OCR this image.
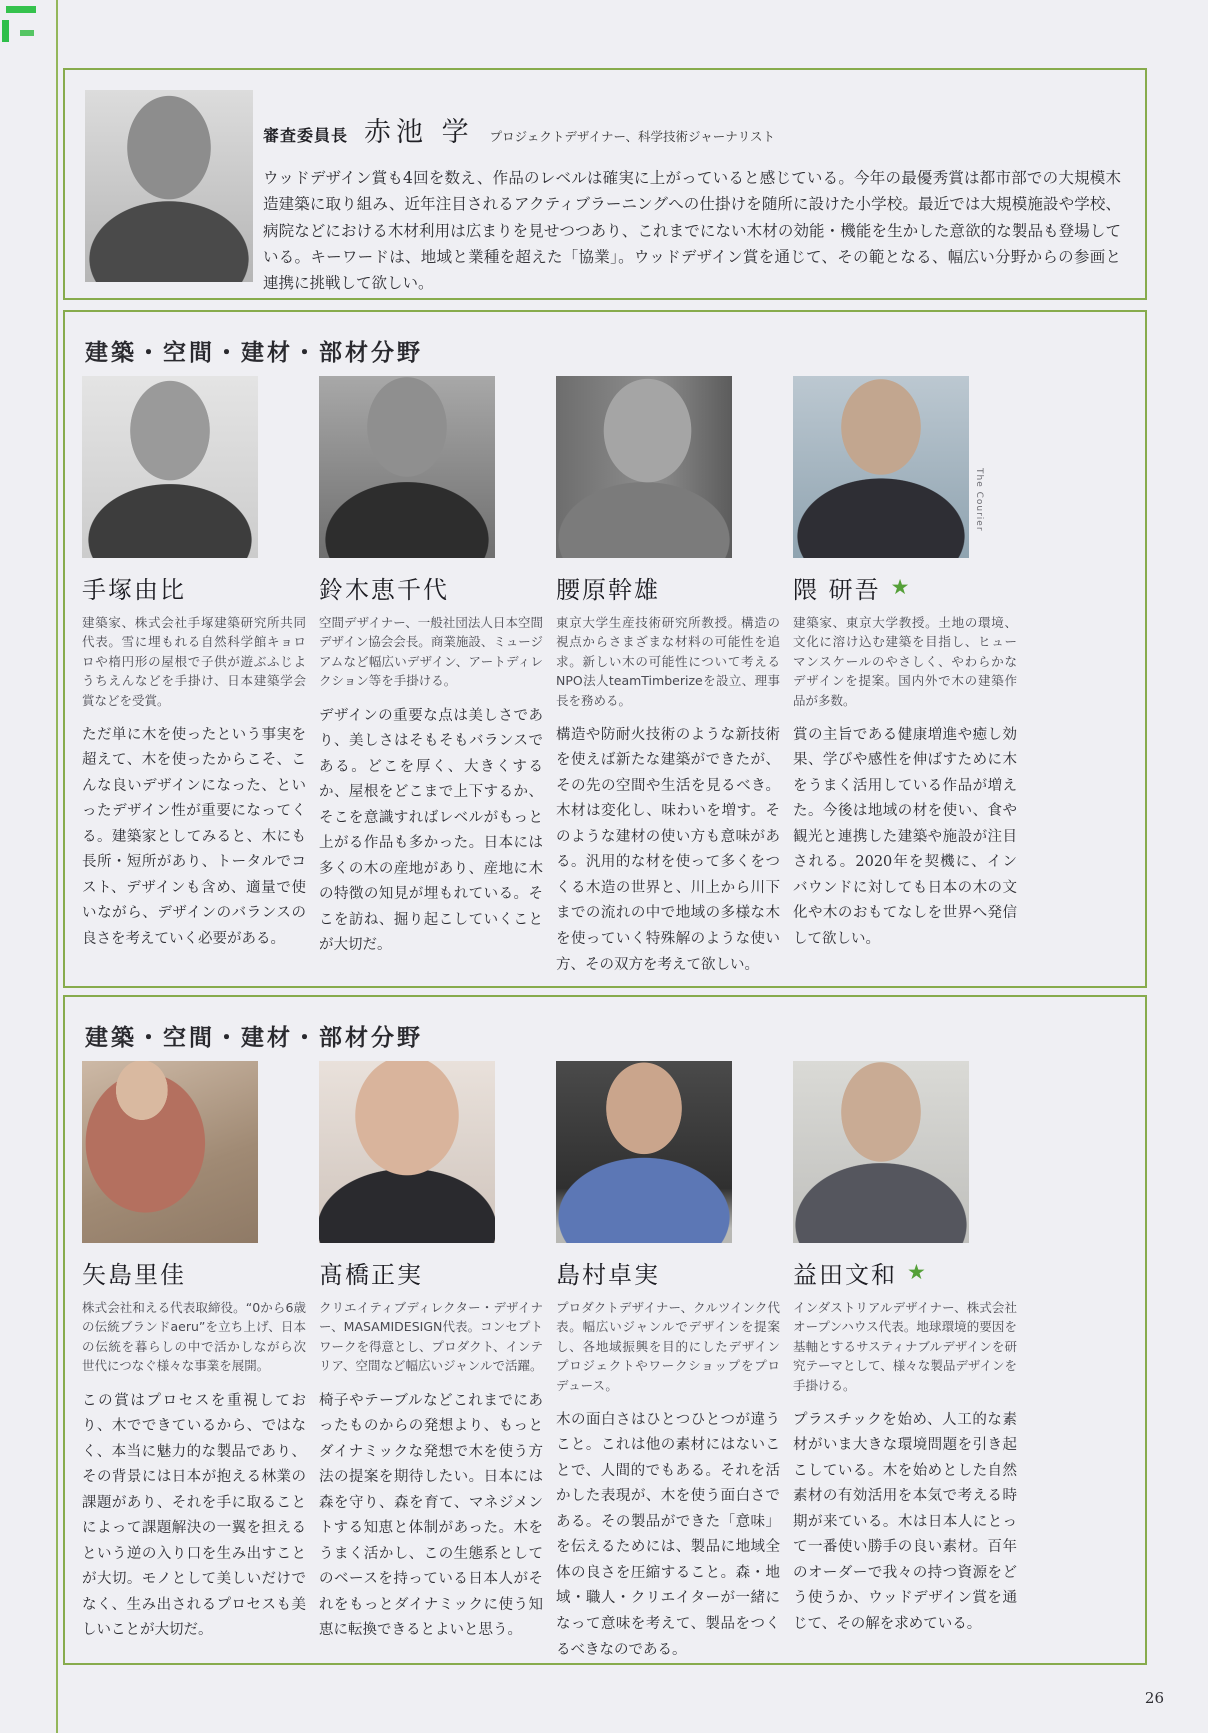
審査委員長 赤池 学 プロジェクトデザイナー、科学技術ジャーナリスト
ウッドデザイン賞も4回を数え、作品のレベルは確実に上がっていると感じている。今年の最優秀賞は都市部での大規模木造建築に取り組み、近年注目されるアクティブラーニングへの仕掛けを随所に設けた小学校。最近では大規模施設や学校、病院などにおける木材利用は広まりを見せつつあり、これまでにない木材の効能・機能を生かした意欲的な製品も登場している。キーワードは、地域と業種を超えた「協業」。ウッドデザイン賞を通じて、その範となる、幅広い分野からの参画と連携に挑戦して欲しい。
建築・空間・建材・部材分野
手塚由比
建築家、株式会社手塚建築研究所共同代表。雪に埋もれる自然科学館キョロロや楕円形の屋根で子供が遊ぶふじようちえんなどを手掛け、日本建築学会賞などを受賞。
ただ単に木を使ったという事実を超えて、木を使ったからこそ、こんな良いデザインになった、といったデザイン性が重要になってくる。建築家としてみると、木にも長所・短所があり、トータルでコスト、デザインも含め、適量で使いながら、デザインのバランスの良さを考えていく必要がある。
鈴木恵千代
空間デザイナー、一般社団法人日本空間デザイン協会会長。商業施設、ミュージアムなど幅広いデザイン、アートディレクション等を手掛ける。
デザインの重要な点は美しさであり、美しさはそもそもバランスである。どこを厚く、大きくするか、屋根をどこまで上下するか、そこを意識すればレベルがもっと上がる作品も多かった。日本には多くの木の産地があり、産地に木の特徴の知見が埋もれている。そこを訪ね、掘り起こしていくことが大切だ。
腰原幹雄
東京大学生産技術研究所教授。構造の視点からさまざまな材料の可能性を追求。新しい木の可能性について考えるNPO法人teamTimberizeを設立、理事長を務める。
構造や防耐火技術のような新技術を使えば新たな建築ができたが、その先の空間や生活を見るべき。木材は変化し、味わいを増す。そのような建材の使い方も意味がある。汎用的な材を使って多くをつくる木造の世界と、川上から川下までの流れの中で地域の多様な木を使っていく特殊解のような使い方、その双方を考えて欲しい。
The Courier
隈 研吾 ★
建築家、東京大学教授。土地の環境、文化に溶け込む建築を目指し、ヒューマンスケールのやさしく、やわらかなデザインを提案。国内外で木の建築作品が多数。
賞の主旨である健康増進や癒し効果、学びや感性を伸ばすために木をうまく活用している作品が増えた。今後は地域の材を使い、食や観光と連携した建築や施設が注目される。2020年を契機に、インバウンドに対しても日本の木の文化や木のおもてなしを世界へ発信して欲しい。
建築・空間・建材・部材分野
矢島里佳
株式会社和える代表取締役。“0から6歳の伝統ブランドaeru”を立ち上げ、日本の伝統を暮らしの中で活かしながら次世代につなぐ様々な事業を展開。
この賞はプロセスを重視しており、木でできているから、ではなく、本当に魅力的な製品であり、その背景には日本が抱える林業の課題があり、それを手に取ることによって課題解決の一翼を担えるという逆の入り口を生み出すことが大切。モノとして美しいだけでなく、生み出されるプロセスも美しいことが大切だ。
髙橋正実
クリエイティブディレクター・デザイナー、MASAMIDESIGN代表。コンセプトワークを得意とし、プロダクト、インテリア、空間など幅広いジャンルで活躍。
椅子やテーブルなどこれまでにあったものからの発想より、もっとダイナミックな発想で木を使う方法の提案を期待したい。日本には森を守り、森を育て、マネジメントする知恵と体制があった。木をうまく活かし、この生態系としてのベースを持っている日本人がそれをもっとダイナミックに使う知恵に転換できるとよいと思う。
島村卓実
プロダクトデザイナー、クルツインク代表。幅広いジャンルでデザインを提案し、各地域振興を目的にしたデザインプロジェクトやワークショップをプロデュース。
木の面白さはひとつひとつが違うこと。これは他の素材にはないことで、人間的でもある。それを活かした表現が、木を使う面白さである。その製品ができた「意味」を伝えるためには、製品に地域全体の良さを圧縮すること。森・地域・職人・クリエイターが一緒になって意味を考えて、製品をつくるべきなのである。
益田文和 ★
インダストリアルデザイナー、株式会社オープンハウス代表。地球環境的要因を基軸とするサスティナブルデザインを研究テーマとして、様々な製品デザインを手掛ける。
プラスチックを始め、人工的な素材がいま大きな環境問題を引き起こしている。木を始めとした自然素材の有効活用を本気で考える時期が来ている。木は日本人にとって一番使い勝手の良い素材。百年のオーダーで我々の持つ資源をどう使うか、ウッドデザイン賞を通じて、その解を求めている。
26
